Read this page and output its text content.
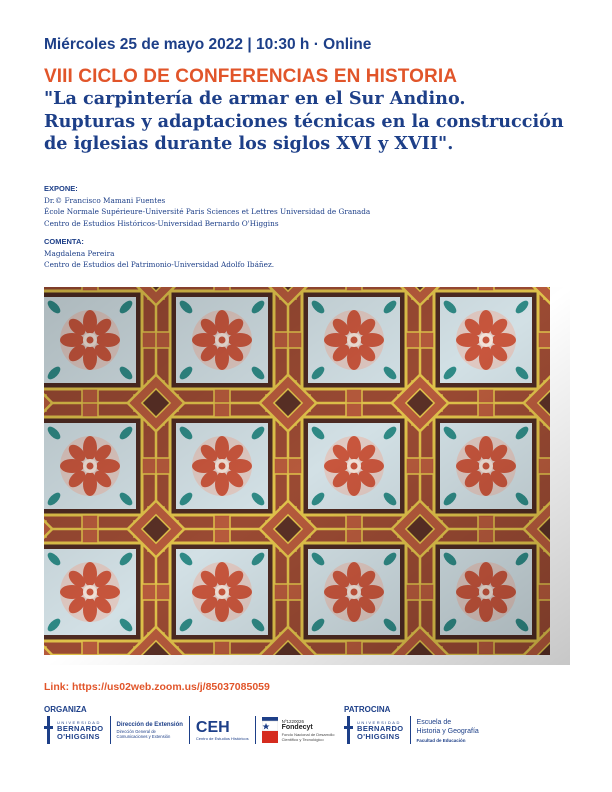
Miércoles 25 de mayo 2022 | 10:30 h · Online
VIII CICLO DE CONFERENCIAS EN HISTORIA
"La carpintería de armar en el Sur Andino.
Rupturas y adaptaciones técnicas en la construcción
de iglesias durante los siglos XVI y XVII".
EXPONE:
Dr.© Francisco Mamani Fuentes
École Normale Supérieure-Université Paris Sciences et Lettres Universidad de Granada
Centro de Estudios Históricos-Universidad Bernardo O'Higgins
COMENTA:
Magdalena Pereira
Centro de Estudios del Patrimonio-Universidad Adolfo Ibáñez.
Link: https://us02web.zoom.us/j/85037085059
ORGANIZA	PATROCINA
UNIVERSIDAD
BERNARDO
O'HIGGINS
Dirección de Extensión
Dirección General de
Comunicaciones y Extensión
CEH
Centro de Estudios Históricos
Nº1220026
Fondecyt
Fondo Nacional de Desarrollo
Científico y Tecnológico
UNIVERSIDAD
BERNARDO
O'HIGGINS
Escuela de
Historia y Geografía
Facultad de Educación
